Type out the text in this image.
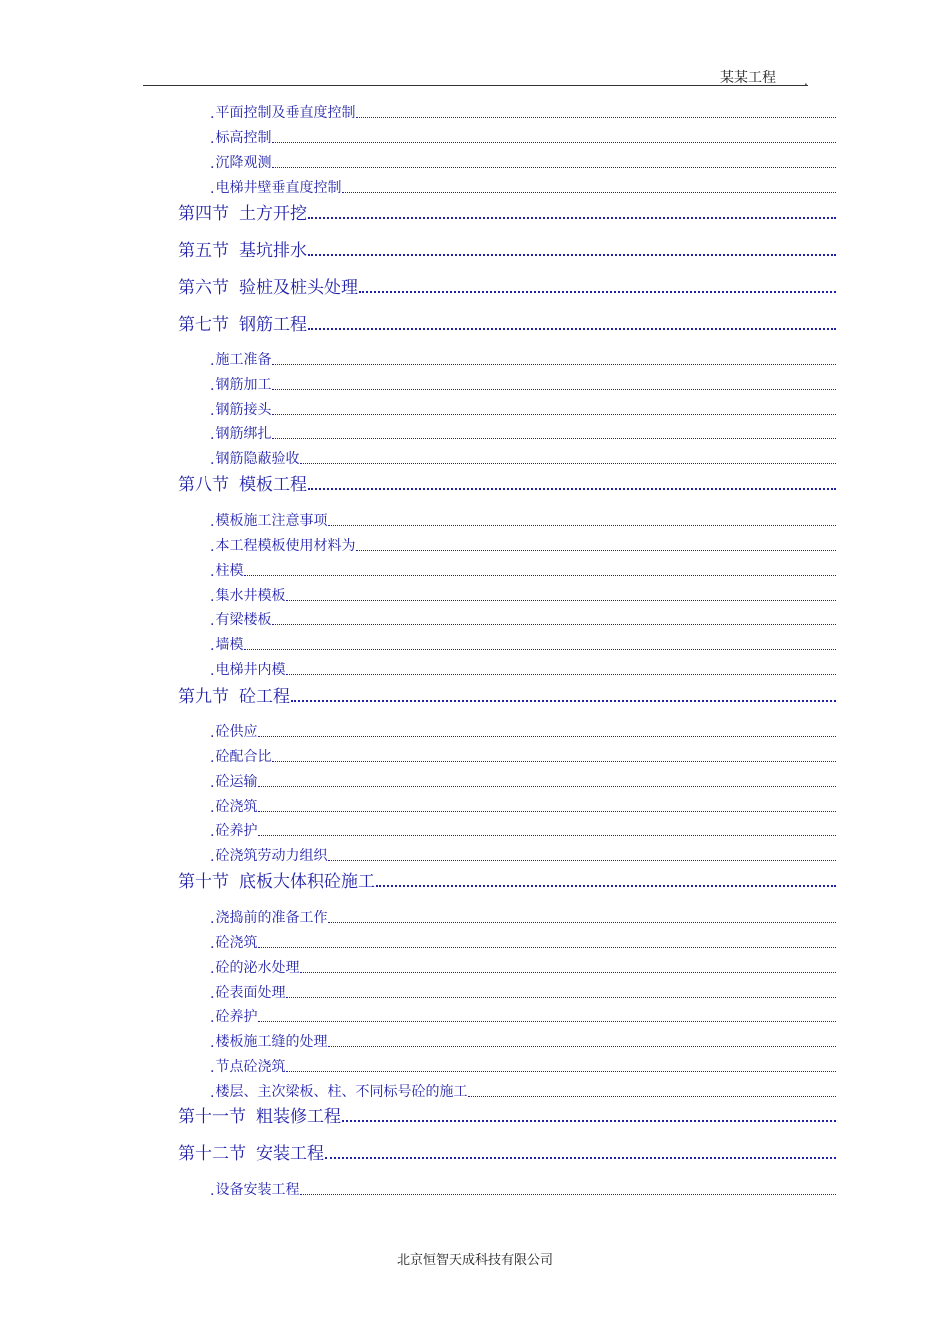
某某工程 .
. 平面控制及垂直度控制
. 标高控制
. 沉降观测
. 电梯井壁垂直度控制
第四节 土方开挖
第五节 基坑排水
第六节 验桩及桩头处理
第七节 钢筋工程
. 施工准备
. 钢筋加工
. 钢筋接头
. 钢筋绑扎
. 钢筋隐蔽验收
第八节 模板工程
. 模板施工注意事项
. 本工程模板使用材料为
. 柱模
. 集水井模板
. 有梁楼板
. 墙模
. 电梯井内模
第九节 砼工程
. 砼供应
. 砼配合比
. 砼运输
. 砼浇筑
. 砼养护
. 砼浇筑劳动力组织
第十节 底板大体积砼施工
. 浇捣前的准备工作
. 砼浇筑
. 砼的泌水处理
. 砼表面处理
. 砼养护
. 楼板施工缝的处理
. 节点砼浇筑
. 楼层、主次梁板、柱、不同标号砼的施工
第十一节 粗装修工程
第十二节 安装工程
. 设备安装工程
北京恒智天成科技有限公司
